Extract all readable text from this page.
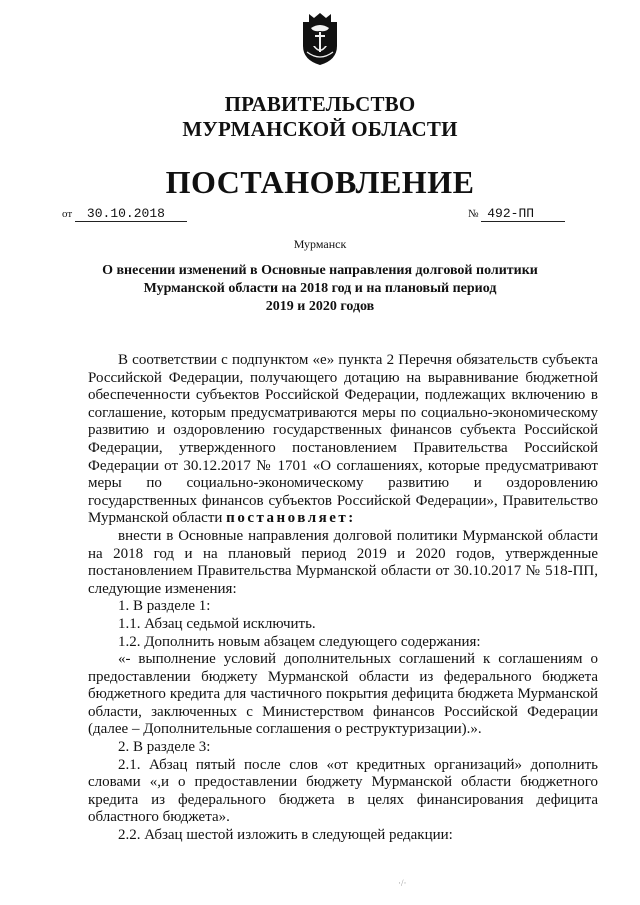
ПРАВИТЕЛЬСТВО
МУРМАНСКОЙ ОБЛАСТИ
ПОСТАНОВЛЕНИЕ
от 30.10.2018	№ 492-ПП
Мурманск
О внесении изменений в Основные направления долговой политики
Мурманской области на 2018 год и на плановый период
2019 и 2020 годов

В соответствии с подпунктом «е» пункта 2 Перечня обязательств субъекта Российской Федерации, получающего дотацию на выравнивание бюджетной обеспеченности субъектов Российской Федерации, подлежащих включению в соглашение, которым предусматриваются меры по социально-экономическому развитию и оздоровлению государственных финансов субъекта Российской Федерации, утвержденного постановлением Правительства Российской Федерации от 30.12.2017 № 1701 «О соглашениях, которые предусматривают меры по социально-экономическому развитию и оздоровлению государственных финансов субъектов Российской Федерации», Правительство Мурманской области постановляет:

внести в Основные направления долговой политики Мурманской области на 2018 год и на плановый период 2019 и 2020 годов, утвержденные постановлением Правительства Мурманской области от 30.10.2017 № 518-ПП, следующие изменения:

1. В разделе 1:

1.1. Абзац седьмой исключить.

1.2. Дополнить новым абзацем следующего содержания:

«- выполнение условий дополнительных соглашений к соглашениям о предоставлении бюджету Мурманской области из федерального бюджета бюджетного кредита для частичного покрытия дефицита бюджета Мурманской области, заключенных с Министерством финансов Российской Федерации (далее – Дополнительные соглашения о реструктуризации).».

2. В разделе 3:

2.1. Абзац пятый после слов «от кредитных организаций» дополнить словами «,и о предоставлении бюджету Мурманской области бюджетного кредита из федерального бюджета в целях финансирования дефицита областного бюджета».

2.2. Абзац шестой изложить в следующей редакции:

·/·
